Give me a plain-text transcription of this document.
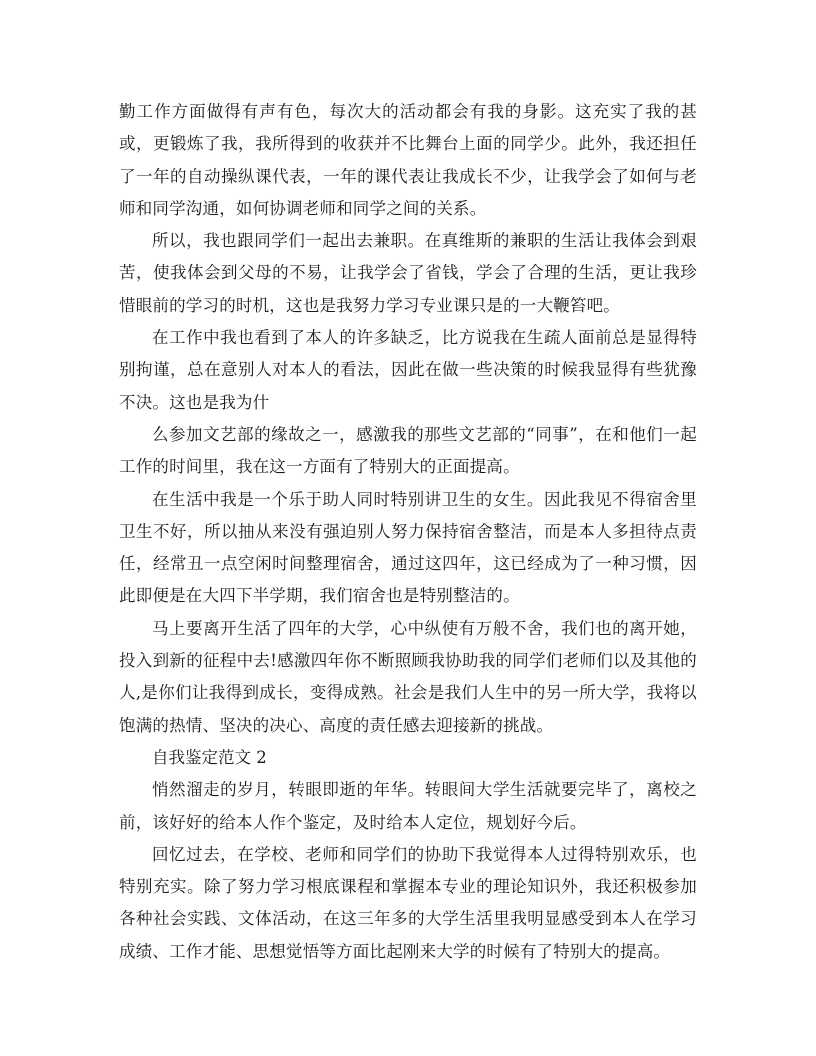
勤工作方面做得有声有色，每次大的活动都会有我的身影。这充实了我的甚或，更锻炼了我，我所得到的收获并不比舞台上面的同学少。此外，我还担任了一年的自动操纵课代表，一年的课代表让我成长不少，让我学会了如何与老师和同学沟通，如何协调老师和同学之间的关系。

所以，我也跟同学们一起出去兼职。在真维斯的兼职的生活让我体会到艰苦，使我体会到父母的不易，让我学会了省钱，学会了合理的生活，更让我珍惜眼前的学习的时机，这也是我努力学习专业课只是的一大鞭笞吧。

在工作中我也看到了本人的许多缺乏，比方说我在生疏人面前总是显得特别拘谨，总在意别人对本人的看法，因此在做一些决策的时候我显得有些犹豫不决。这也是我为什

么参加文艺部的缘故之一，感激我的那些文艺部的“同事”，在和他们一起工作的时间里，我在这一方面有了特别大的正面提高。

在生活中我是一个乐于助人同时特别讲卫生的女生。因此我见不得宿舍里卫生不好，所以抽从来没有强迫别人努力保持宿舍整洁，而是本人多担待点责任，经常丑一点空闲时间整理宿舍，通过这四年，这已经成为了一种习惯，因此即便是在大四下半学期，我们宿舍也是特别整洁的。

马上要离开生活了四年的大学，心中纵使有万般不舍，我们也的离开她，投入到新的征程中去!感激四年你不断照顾我协助我的同学们老师们以及其他的人,是你们让我得到成长，变得成熟。社会是我们人生中的另一所大学，我将以饱满的热情、坚决的决心、高度的责任感去迎接新的挑战。

自我鉴定范文 2

悄然溜走的岁月，转眼即逝的年华。转眼间大学生活就要完毕了，离校之前，该好好的给本人作个鉴定，及时给本人定位，规划好今后。

回忆过去，在学校、老师和同学们的协助下我觉得本人过得特别欢乐，也特别充实。除了努力学习根底课程和掌握本专业的理论知识外，我还积极参加各种社会实践、文体活动，在这三年多的大学生活里我明显感受到本人在学习成绩、工作才能、思想觉悟等方面比起刚来大学的时候有了特别大的提高。
